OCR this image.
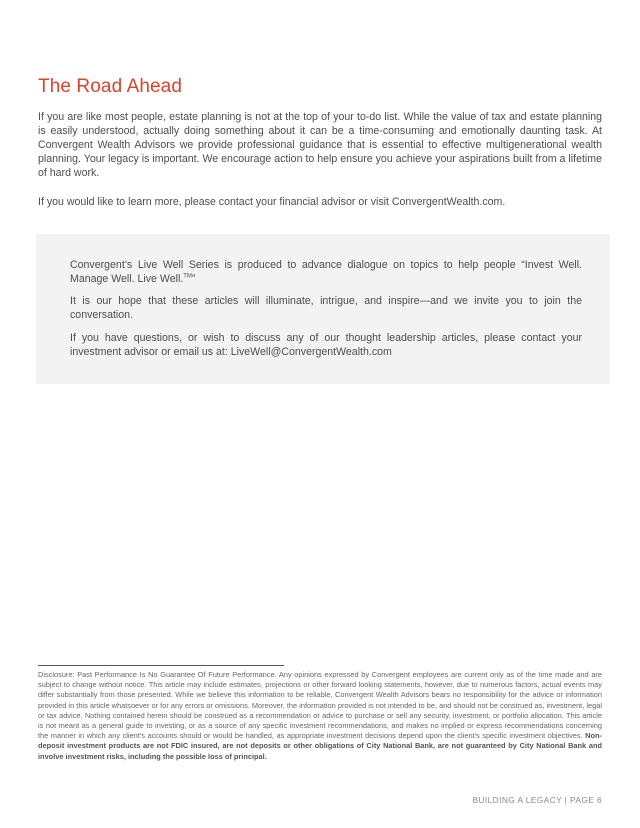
The Road Ahead

If you are like most people, estate planning is not at the top of your to-do list. While the value of tax and estate planning is easily understood, actually doing something about it can be a time-consuming and emotionally daunting task. At Convergent Wealth Advisors we provide professional guidance that is essential to effective multigenerational wealth planning. Your legacy is important. We encourage action to help ensure you achieve your aspirations built from a lifetime of hard work.

If you would like to learn more, please contact your financial advisor or visit ConvergentWealth.com.

Convergent’s Live Well Series is produced to advance dialogue on topics to help people “Invest Well. Manage Well. Live Well.™”

It is our hope that these articles will illuminate, intrigue, and inspire—and we invite you to join the conversation.

If you have questions, or wish to discuss any of our thought leadership articles, please contact your investment advisor or email us at: LiveWell@ConvergentWealth.com

Disclosure: Past Performance Is No Guarantee Of Future Performance. Any opinions expressed by Convergent employees are current only as of the time made and are subject to change without notice. This article may include estimates, projections or other forward looking statements, however, due to numerous factors, actual events may differ substantially from those presented. While we believe this information to be reliable, Convergent Wealth Advisors bears no responsibility for the advice or information provided in this article whatsoever or for any errors or omissions. Moreover, the information provided is not intended to be, and should not be construed as, investment, legal or tax advice. Nothing contained herein should be construed as a recommendation or advice to purchase or sell any security, investment, or portfolio allocation. This article is not meant as a general guide to investing, or as a source of any specific investment recommendations, and makes no implied or express recommendations concerning the manner in which any client's accounts should or would be handled, as appropriate investment decisions depend upon the client's specific investment objectives. Non-deposit investment products are not FDIC insured, are not deposits or other obligations of City National Bank, are not guaranteed by City National Bank and involve investment risks, including the possible loss of principal.

BUILDING A LEGACY | PAGE 6
